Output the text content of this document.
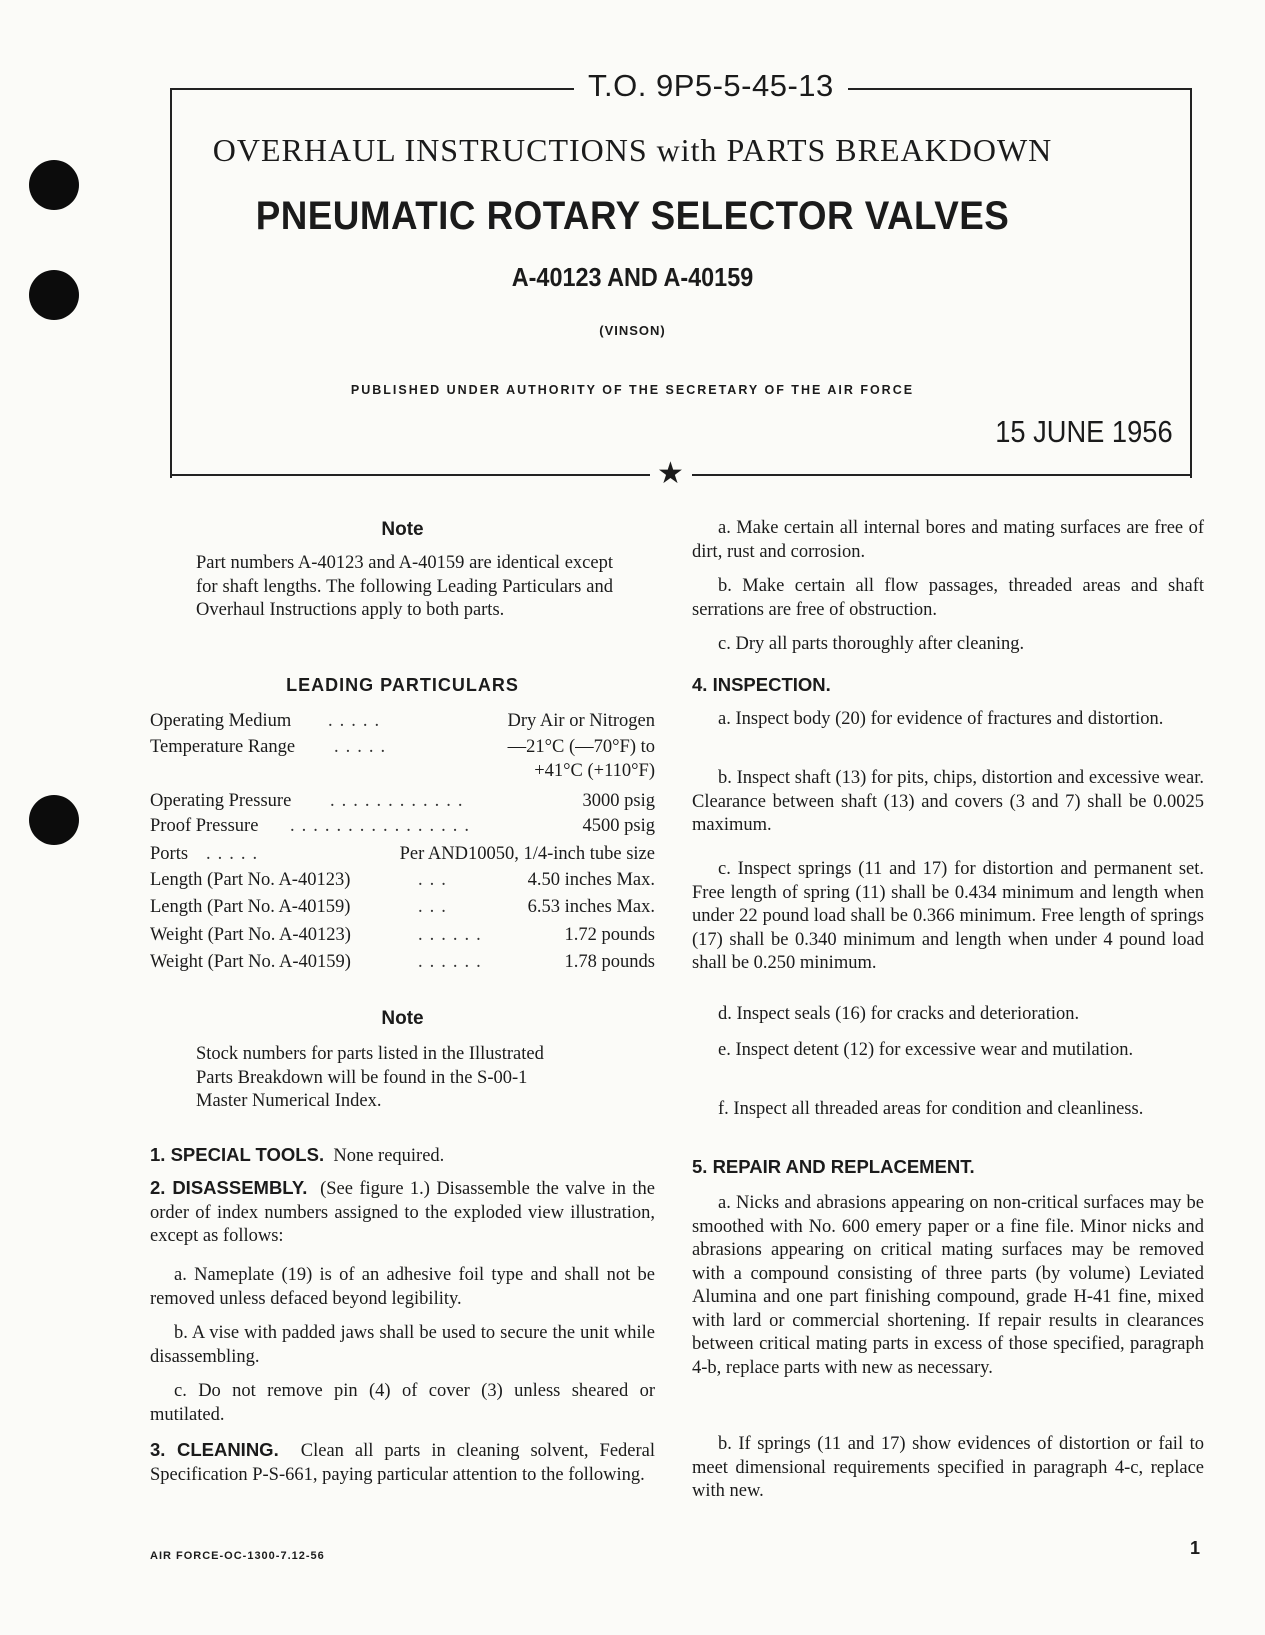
T.O. 9P5-5-45-13
OVERHAUL INSTRUCTIONS with PARTS BREAKDOWN
PNEUMATIC ROTARY SELECTOR VALVES
A-40123 AND A-40159
(VINSON)
PUBLISHED UNDER AUTHORITY OF THE SECRETARY OF THE AIR FORCE
15 JUNE 1956
★

Note

Part numbers A-40123 and A-40159 are identical except for shaft lengths. The following Leading Particulars and Overhaul Instructions apply to both parts.

LEADING PARTICULARS

Operating Medium .....	Dry Air or Nitrogen
Temperature Range .....	—21°C (—70°F) to
+41°C (+110°F)
Operating Pressure ............	3000 psig
Proof Pressure ................	4500 psig
Ports .....	Per AND10050, 1/4-inch tube size
Length (Part No. A-40123)	...	4.50 inches Max.
Length (Part No. A-40159)	...	6.53 inches Max.
Weight (Part No. A-40123)	......	1.72 pounds
Weight (Part No. A-40159)	......	1.78 pounds

Note

Stock numbers for parts listed in the Illustrated Parts Breakdown will be found in the S-00-1 Master Numerical Index.

1. SPECIAL TOOLS. None required.

2. DISASSEMBLY. (See figure 1.) Disassemble the valve in the order of index numbers assigned to the exploded view illustration, except as follows:

a. Nameplate (19) is of an adhesive foil type and shall not be removed unless defaced beyond legibility.

b. A vise with padded jaws shall be used to secure the unit while disassembling.

c. Do not remove pin (4) of cover (3) unless sheared or mutilated.

3. CLEANING. Clean all parts in cleaning solvent, Federal Specification P-S-661, paying particular attention to the following.

a. Make certain all internal bores and mating surfaces are free of dirt, rust and corrosion.

b. Make certain all flow passages, threaded areas and shaft serrations are free of obstruction.

c. Dry all parts thoroughly after cleaning.

4. INSPECTION.

a. Inspect body (20) for evidence of fractures and distortion.

b. Inspect shaft (13) for pits, chips, distortion and excessive wear. Clearance between shaft (13) and covers (3 and 7) shall be 0.0025 maximum.

c. Inspect springs (11 and 17) for distortion and permanent set. Free length of spring (11) shall be 0.434 minimum and length when under 22 pound load shall be 0.366 minimum. Free length of springs (17) shall be 0.340 minimum and length when under 4 pound load shall be 0.250 minimum.

d. Inspect seals (16) for cracks and deterioration.

e. Inspect detent (12) for excessive wear and mutilation.

f. Inspect all threaded areas for condition and cleanliness.

5. REPAIR AND REPLACEMENT.

a. Nicks and abrasions appearing on non-critical surfaces may be smoothed with No. 600 emery paper or a fine file. Minor nicks and abrasions appearing on critical mating surfaces may be removed with a compound consisting of three parts (by volume) Leviated Alumina and one part finishing compound, grade H-41 fine, mixed with lard or commercial shortening. If repair results in clearances between critical mating parts in excess of those specified, paragraph 4-b, replace parts with new as necessary.

b. If springs (11 and 17) show evidences of distortion or fail to meet dimensional requirements specified in paragraph 4-c, replace with new.

AIR FORCE-OC-1300-7.12-56	1
